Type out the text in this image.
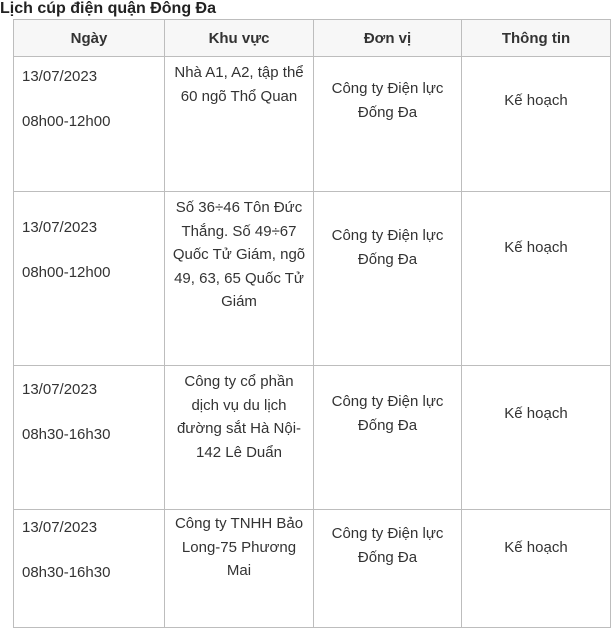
Lịch cúp điện quận Đông Đa
Ngày	Khu vực	Đơn vị	Thông tin

13/07/2023
08h00-12h00	Nhà A1, A2, tập thể 60 ngõ Thổ Quan	Công ty Điện lực Đống Đa	Kế hoạch

13/07/2023
08h00-12h00	Số 36÷46 Tôn Đức Thắng. Số 49÷67 Quốc Tử Giám, ngõ 49, 63, 65 Quốc Tử Giám	Công ty Điện lực Đống Đa	Kế hoạch

13/07/2023
08h30-16h30	Công ty cổ phần dịch vụ du lịch đường sắt Hà Nội-142 Lê Duẩn	Công ty Điện lực Đống Đa	Kế hoạch

13/07/2023
08h30-16h30	Công ty TNHH Bảo Long-75 Phương Mai	Công ty Điện lực Đống Đa	Kế hoạch
